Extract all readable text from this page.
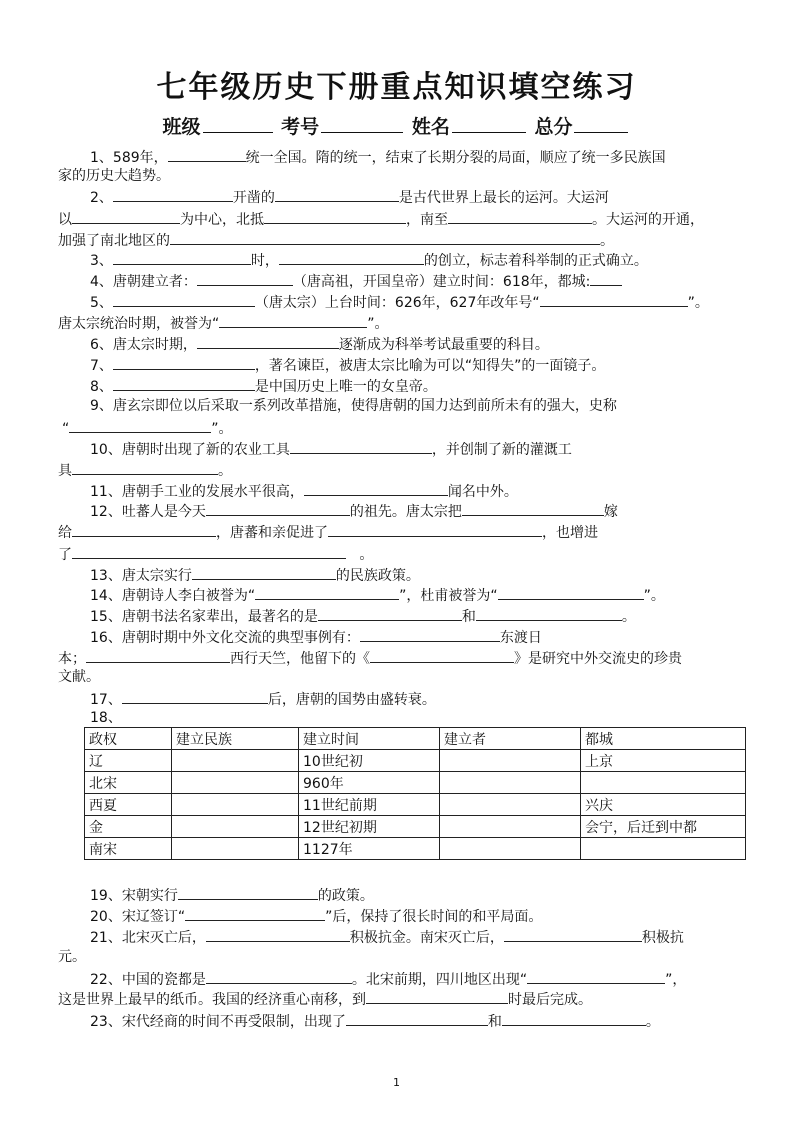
七年级历史下册重点知识填空练习
班级	考号	姓名	总分
1、589年，	统一全国。隋的统一，结束了长期分裂的局面，顺应了统一多民族国
家的历史大趋势。
2、	开凿的	是古代世界上最长的运河。大运河
以	为中心，北抵	，南至	。大运河的开通，
加强了南北地区的	。
3、	时，	的创立，标志着科举制的正式确立。
4、唐朝建立者：	（唐高祖，开国皇帝）建立时间：618年，都城:
5、	（唐太宗）上台时间：626年，627年改年号“	”。
唐太宗统治时期，被誉为“	”。
6、唐太宗时期，	逐渐成为科举考试最重要的科目。
7、	，著名谏臣，被唐太宗比喻为可以“知得失”的一面镜子。
8、	是中国历史上唯一的女皇帝。
9、唐玄宗即位以后采取一系列改革措施，使得唐朝的国力达到前所未有的强大，史称
“	”。
10、唐朝时出现了新的农业工具	，并创制了新的灌溉工
具	。
11、唐朝手工业的发展水平很高，	闻名中外。
12、吐蕃人是今天	的祖先。唐太宗把	嫁
给	，唐蕃和亲促进了	，也增进
了	。
13、唐太宗实行	的民族政策。
14、唐朝诗人李白被誉为“	”，杜甫被誉为“	”。
15、唐朝书法名家辈出，最著名的是	和	。
16、唐朝时期中外文化交流的典型事例有：	东渡日
本；	西行天竺，他留下的《	》是研究中外交流史的珍贵
文献。
17、	后，唐朝的国势由盛转衰。
18、
政权	建立民族	建立时间	建立者	都城
辽		10世纪初		上京
北宋		960年		
西夏		11世纪前期		兴庆
金		12世纪初期		会宁，后迁到中都
南宋		1127年		
19、宋朝实行	的政策。
20、宋辽签订“	”后，保持了很长时间的和平局面。
21、北宋灭亡后，	积极抗金。南宋灭亡后，	积极抗
元。
22、中国的瓷都是	。北宋前期，四川地区出现“	”，
这是世界上最早的纸币。我国的经济重心南移，到	时最后完成。
23、宋代经商的时间不再受限制，出现了	和	。
1
